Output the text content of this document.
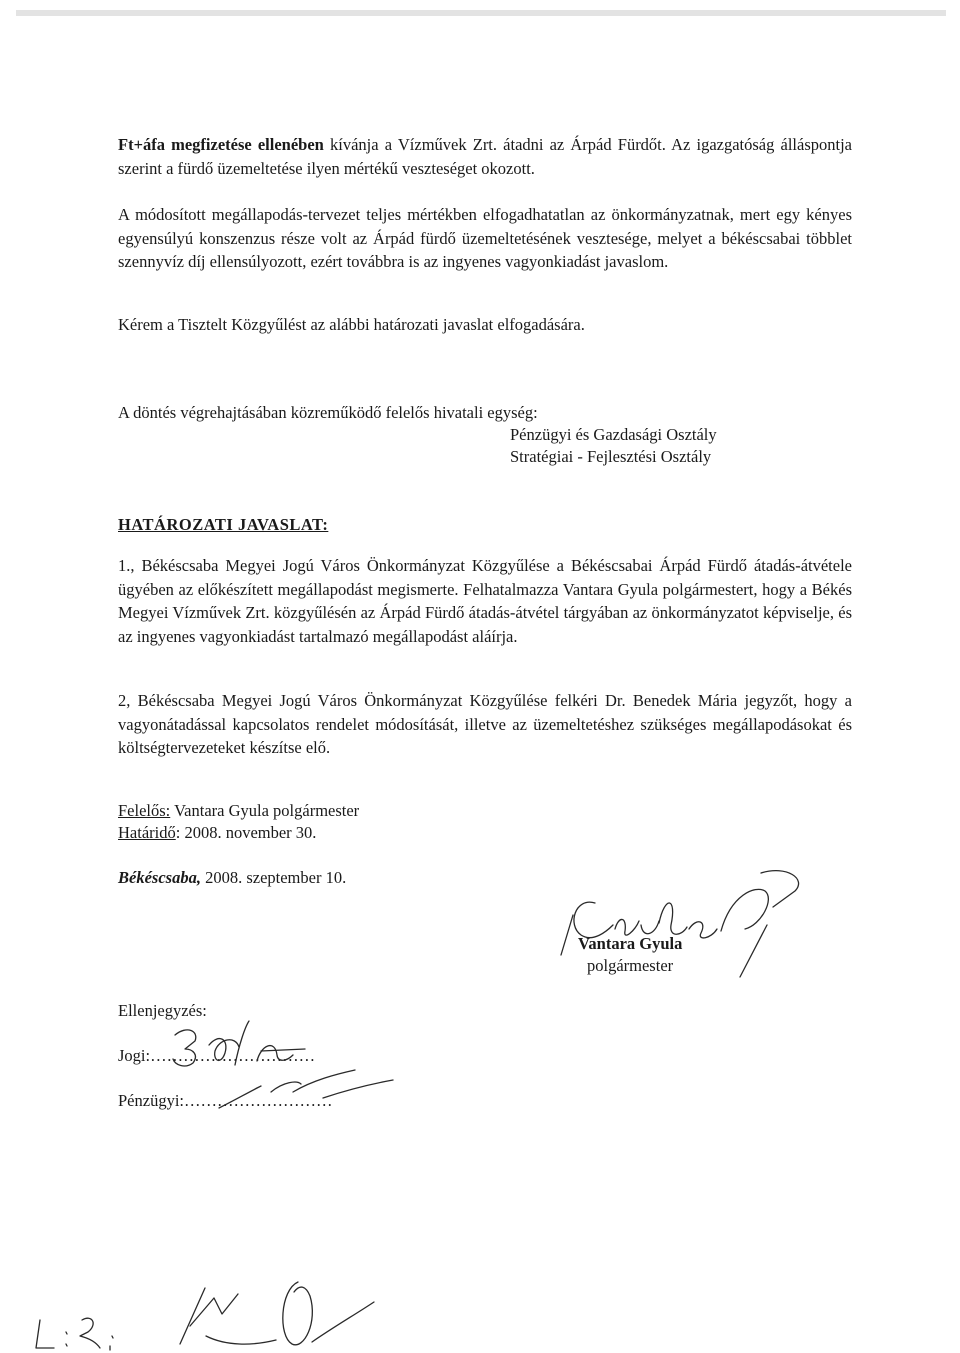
Ft+áfa megfizetése ellenében kívánja a Vízművek Zrt. átadni az Árpád Fürdőt. Az igazgatóság álláspontja szerint a fürdő üzemeltetése ilyen mértékű veszteséget okozott.

A módosított megállapodás-tervezet teljes mértékben elfogadhatatlan az önkormányzatnak, mert egy kényes egyensúlyú konszenzus része volt az Árpád fürdő üzemeltetésének vesztesége, melyet a békéscsabai többlet szennyvíz díj ellensúlyozott, ezért továbbra is az ingyenes vagyonkiadást javaslom.

Kérem a Tisztelt Közgyűlést az alábbi határozati javaslat elfogadására.

A döntés végrehajtásában közreműködő felelős hivatali egység:

Pénzügyi és Gazdasági Osztály

Stratégiai - Fejlesztési Osztály

HATÁROZATI JAVASLAT:

1., Békéscsaba Megyei Jogú Város Önkormányzat Közgyűlése a Békéscsabai Árpád Fürdő átadás-átvétele ügyében az előkészített megállapodást megismerte. Felhatalmazza Vantara Gyula polgármestert, hogy a Békés Megyei Vízművek Zrt. közgyűlésén az Árpád Fürdő átadás-átvétel tárgyában az önkormányzatot képviselje, és az ingyenes vagyonkiadást tartalmazó megállapodást aláírja.

2, Békéscsaba Megyei Jogú Város Önkormányzat Közgyűlése felkéri Dr. Benedek Mária jegyzőt, hogy a vagyonátadással kapcsolatos rendelet módosítását, illetve az üzemeltetéshez szükséges megállapodásokat és költségtervezeteket készítse elő.

Felelős: Vantara Gyula polgármester

Határidő: 2008. november 30.

Békéscsaba, 2008. szeptember 10.

Vantara Gyula

polgármester

Ellenjegyzés:

Jogi:…………………………

Pénzügyi:………………………
